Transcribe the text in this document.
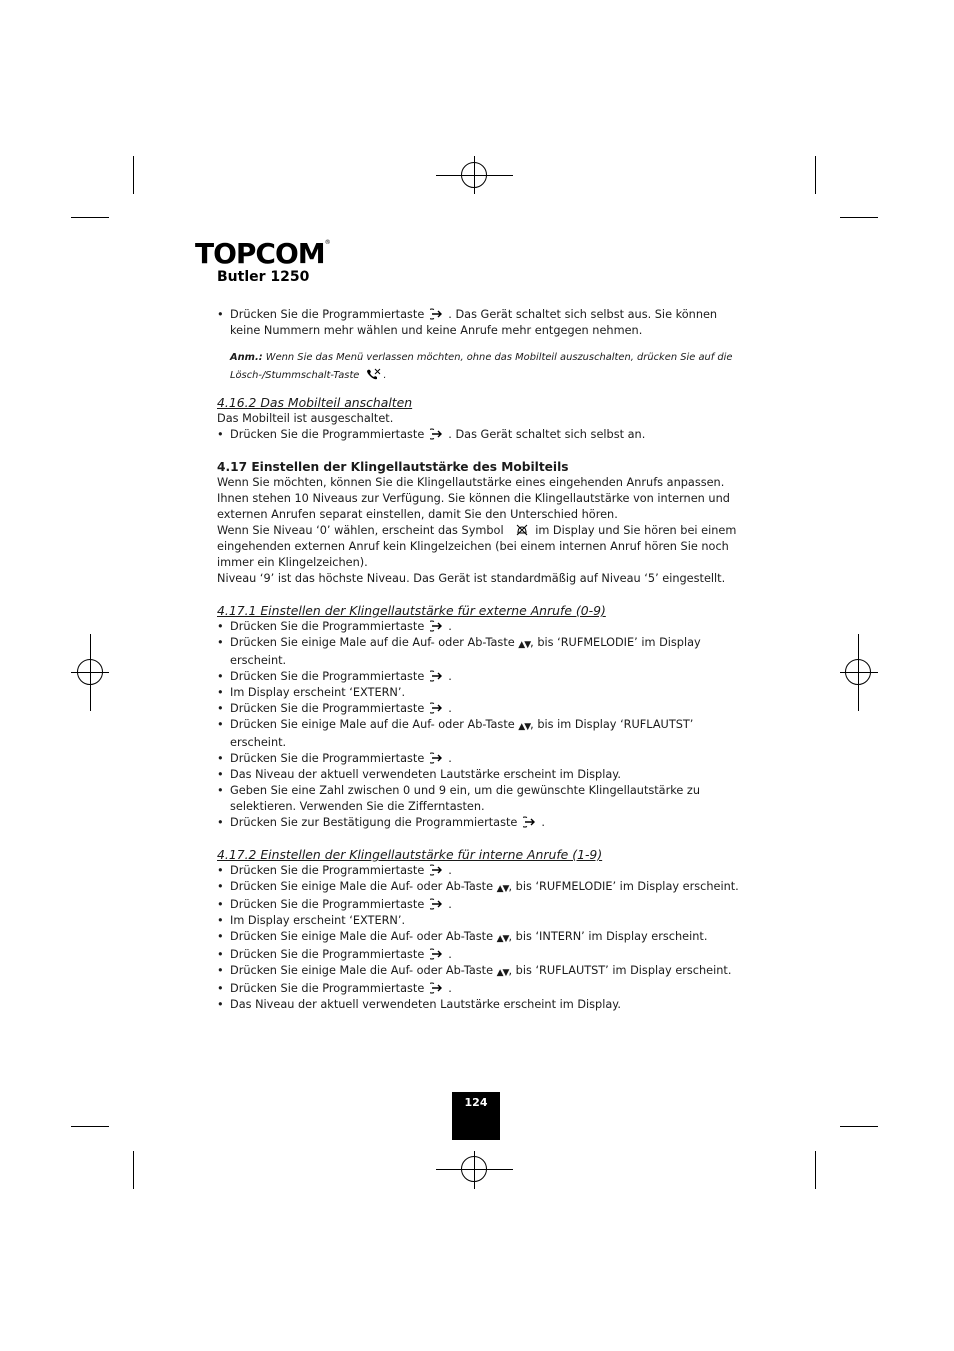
TOPCOM®
Butler 1250

• Drücken Sie die Programmiertaste . Das Gerät schaltet sich selbst aus. Sie können keine Nummern mehr wählen und keine Anrufe mehr entgegen nehmen.

Anm.: Wenn Sie das Menü verlassen möchten, ohne das Mobilteil auszuschalten, drücken Sie auf die Lösch-/Stummschalt-Taste .

4.16.2 Das Mobilteil anschalten

Das Mobilteil ist ausgeschaltet.

• Drücken Sie die Programmiertaste . Das Gerät schaltet sich selbst an.

4.17 Einstellen der Klingellautstärke des Mobilteils

Wenn Sie möchten, können Sie die Klingellautstärke eines eingehenden Anrufs anpassen. Ihnen stehen 10 Niveaus zur Verfügung. Sie können die Klingellautstärke von internen und externen Anrufen separat einstellen, damit Sie den Unterschied hören.

Wenn Sie Niveau ‘0’ wählen, erscheint das Symbol
im Display und Sie hören bei einem eingehenden externen Anruf kein Klingelzeichen (bei einem internen Anruf hören Sie noch immer ein Klingelzeichen).

Niveau ‘9’ ist das höchste Niveau. Das Gerät ist standardmäßig auf Niveau ‘5’ eingestellt.

4.17.1 Einstellen der Klingellautstärke für externe Anrufe (0-9)

• Drücken Sie die Programmiertaste .

• Drücken Sie einige Male auf die Auf- oder Ab-Taste ▲▼, bis ‘RUFMELODIE’ im Display erscheint.

• Drücken Sie die Programmiertaste .

• Im Display erscheint ‘EXTERN’.

• Drücken Sie die Programmiertaste .

• Drücken Sie einige Male auf die Auf- oder Ab-Taste ▲▼, bis im Display ‘RUFLAUTST’ erscheint.

• Drücken Sie die Programmiertaste .

• Das Niveau der aktuell verwendeten Lautstärke erscheint im Display.

• Geben Sie eine Zahl zwischen 0 und 9 ein, um die gewünschte Klingellautstärke zu selektieren. Verwenden Sie die Zifferntasten.

• Drücken Sie zur Bestätigung die Programmiertaste .

4.17.2 Einstellen der Klingellautstärke für interne Anrufe (1-9)

• Drücken Sie die Programmiertaste .

• Drücken Sie einige Male die Auf- oder Ab-Taste ▲▼, bis ‘RUFMELODIE’ im Display erscheint.

• Drücken Sie die Programmiertaste .

• Im Display erscheint ‘EXTERN’.

• Drücken Sie einige Male die Auf- oder Ab-Taste ▲▼, bis ‘INTERN’ im Display erscheint.

• Drücken Sie die Programmiertaste .

• Drücken Sie einige Male die Auf- oder Ab-Taste ▲▼, bis ‘RUFLAUTST’ im Display erscheint.

• Drücken Sie die Programmiertaste .

• Das Niveau der aktuell verwendeten Lautstärke erscheint im Display.

124
